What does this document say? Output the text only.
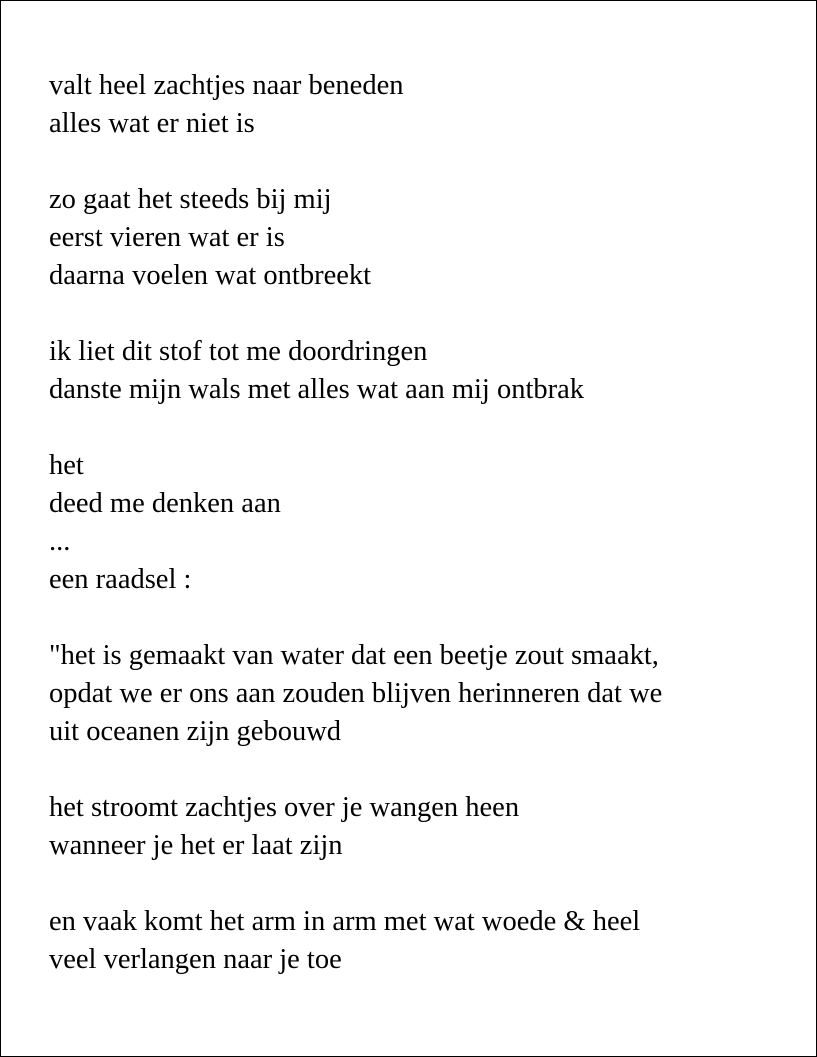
valt heel zachtjes naar beneden
alles wat er niet is
zo gaat het steeds bij mij
eerst vieren wat er is
daarna voelen wat ontbreekt
ik liet dit stof tot me doordringen
danste mijn wals met alles wat aan mij ontbrak
het
deed me denken aan
...
een raadsel :
"het is gemaakt van water dat een beetje zout smaakt,
opdat we er ons aan zouden blijven herinneren dat we
uit oceanen zijn gebouwd
het stroomt zachtjes over je wangen heen
wanneer je het er laat zijn
en vaak komt het arm in arm met wat woede & heel
veel verlangen naar je toe
